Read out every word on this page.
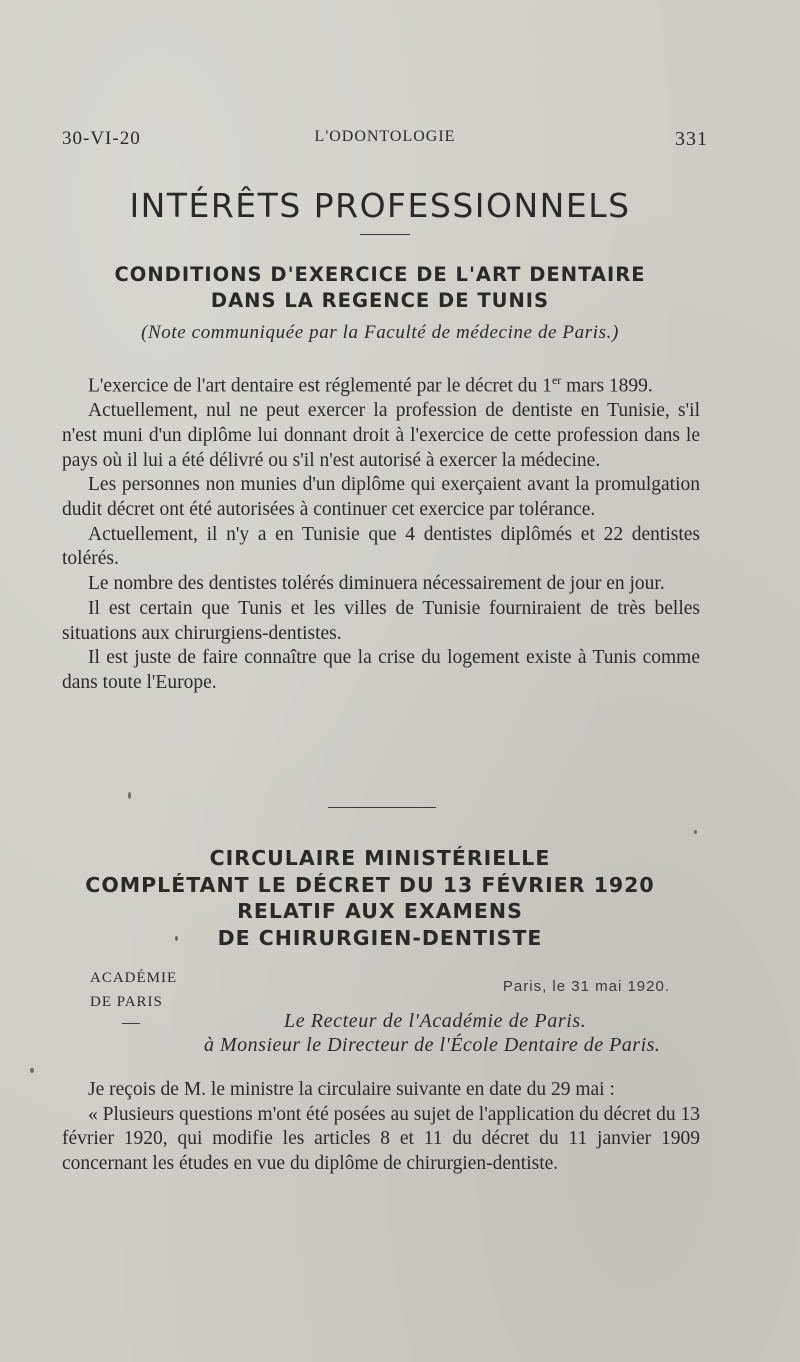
30-VI-20	L'ODONTOLOGIE	331
INTÉRÊTS PROFESSIONNELS
CONDITIONS D'EXERCICE DE L'ART DENTAIRE
DANS LA REGENCE DE TUNIS
(Note communiquée par la Faculté de médecine de Paris.)

L'exercice de l'art dentaire est réglementé par le décret du 1er mars 1899.

Actuellement, nul ne peut exercer la profession de dentiste en Tunisie, s'il n'est muni d'un diplôme lui donnant droit à l'exercice de cette profession dans le pays où il lui a été délivré ou s'il n'est autorisé à exercer la médecine.

Les personnes non munies d'un diplôme qui exerçaient avant la promulgation dudit décret ont été autorisées à continuer cet exercice par tolérance.

Actuellement, il n'y a en Tunisie que 4 dentistes diplômés et 22 dentistes tolérés.

Le nombre des dentistes tolérés diminuera nécessairement de jour en jour.

Il est certain que Tunis et les villes de Tunisie fourniraient de très belles situations aux chirurgiens-dentistes.

Il est juste de faire connaître que la crise du logement existe à Tunis comme dans toute l'Europe.

CIRCULAIRE MINISTÉRIELLE
COMPLÉTANT LE DÉCRET DU 13 FÉVRIER 1920
RELATIF AUX EXAMENS
DE CHIRURGIEN-DENTISTE
ACADÉMIE
DE PARIS
Paris, le 31 mai 1920.
—	Le Recteur de l'Académie de Paris.
à Monsieur le Directeur de l'École Dentaire de Paris.

Je reçois de M. le ministre la circulaire suivante en date du 29 mai :

« Plusieurs questions m'ont été posées au sujet de l'application du décret du 13 février 1920, qui modifie les articles 8 et 11 du décret du 11 janvier 1909 concernant les études en vue du diplôme de chirurgien-dentiste.
